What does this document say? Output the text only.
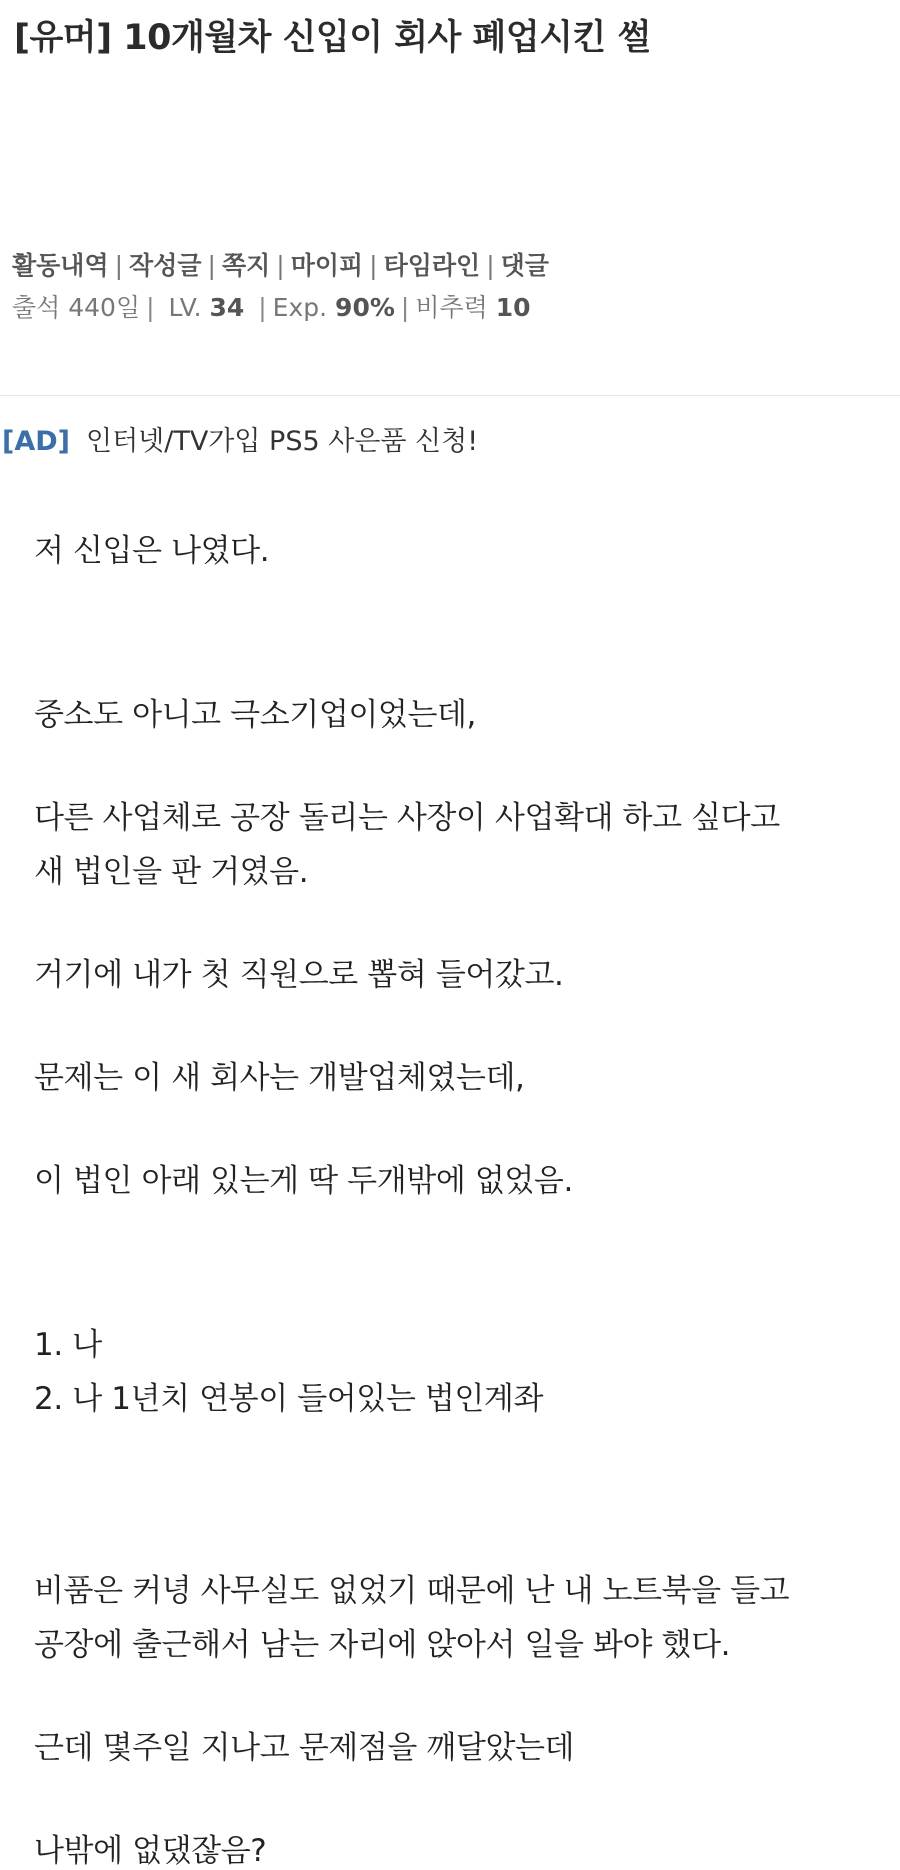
[유머] 10개월차 신입이 회사 폐업시킨 썰
활동내역 | 작성글 | 쪽지 | 마이피 | 타임라인 | 댓글
출석 440일 | LV. 34 | Exp. 90% | 비추력 10
[AD] 인터넷/TV가입 PS5 사은품 신청!
저 신입은 나였다.
중소도 아니고 극소기업이었는데,
다른 사업체로 공장 돌리는 사장이 사업확대 하고 싶다고
새 법인을 판 거였음.
거기에 내가 첫 직원으로 뽑혀 들어갔고.
문제는 이 새 회사는 개발업체였는데,
이 법인 아래 있는게 딱 두개밖에 없었음.
1. 나
2. 나 1년치 연봉이 들어있는 법인계좌
비품은 커녕 사무실도 없었기 때문에 난 내 노트북을 들고
공장에 출근해서 남는 자리에 앉아서 일을 봐야 했다.
근데 몇주일 지나고 문제점을 깨달았는데
나밖에 없댔잖음?
